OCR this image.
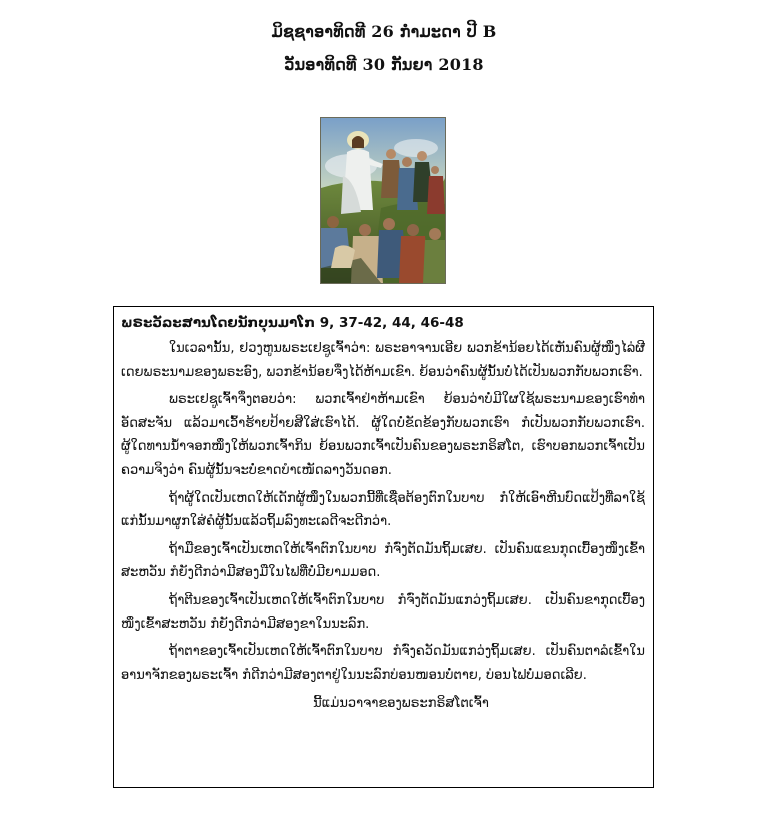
ມິຊຊາອາທິດທີ 26 ກໍາມະດາ ປີ B
ວັນອາທິດທີ 30 ກັນຍາ 2018
ພຣະວັລະສານໂດຍນັກບຸນມາໂກ 9, 37-42, 44, 46-48

ໃນເວລານັ້ນ, ຢວງຫູນພຣະເຢຊູເຈົ້າວ່າ: ພຣະອາຈານເອີຍ ພວກຂ້ານ້ອຍໄດ້ເຫັນຄົນຜູ້ໜຶ່ງໄລ່ຜີເດຍພຣະນາມຂອງພຣະອົງ, ພວກຂ້ານ້ອຍຈຶ່ງໄດ້ຫ້າມເຂົາ. ຍ້ອນວ່າຄົນຜູ້ນັ້ນບໍ່ໄດ້ເປັນພວກກັບພວກເຮົາ.

ພຣະເຢຊູເຈົ້າຈຶ່ງຕອບວ່າ: ພວກເຈົ້າຢ່າຫ້າມເຂົາ ຍ້ອນວ່າບໍ່ມີໃຜໃຊ້ພຣະນາມຂອງເຮົາທໍາອັດສະຈັນ ແລ້ວມາເວົ້າຮ້າຍປ້າຍສີໃສ່ເຮົາໄດ້. ຜູ້ໃດບໍ່ຂັດຂ້ອງກັບພວກເຮົາ ກໍເປັນພວກກັບພວກເຮົາ. ຜູ້ໃດທານນໍ້າຈອກໜຶ່ງໃຫ້ພວກເຈົ້າກິນ ຍ້ອນພວກເຈົ້າເປັນຄົນຂອງພຣະກຣິສໂຕ, ເຮົາບອກພວກເຈົ້າເປັນຄວາມຈິງວ່າ ຄົນຜູ້ນັ້ນຈະບໍ່ຂາດບໍາເໜັດລາງວັນດອກ.

ຖ້າຜູ້ໃດເປັນເຫດໃຫ້ເດັກຜູ້ໜຶ່ງໃນພວກນີ້ທີ່ເຊື່ອຕ້ອງຕົກໃນບາບ ກໍໃຫ້ເອົາຫີນບົດແປ້ງທີ່ລາໃຊ້ແກ່ນັ້ນມາຜູກໃສ່ຄໍຜູ້ນັ້ນແລ້ວຖິ້ມລົງທະເລດີຈະດີກວ່າ.

ຖ້າມືຂອງເຈົ້າເປັນເຫດໃຫ້ເຈົ້າຕົກໃນບາບ ກໍຈົ່ງຕັດມັນຖິ້ມເສຍ. ເປັນຄົນແຂນກຸດເບື້ອງໜຶ່ງເຂົ້າສະຫວັນ ກໍຍັງດີກວ່າມີສອງມືໃນໄຟທີ່ບໍ່ມີຍາມມອດ.

ຖ້າຕີນຂອງເຈົ້າເປັນເຫດໃຫ້ເຈົ້າຕົກໃນບາບ ກໍຈົ່ງຕັດມັນແກວ່ງຖິ້ມເສຍ. ເປັນຄົນຂາກຸດເບື້ອງໜຶ່ງເຂົ້າສະຫວັນ ກໍຍັງດີກວ່າມີສອງຂາໃນນະລົກ.

ຖ້າຕາຂອງເຈົ້າເປັນເຫດໃຫ້ເຈົ້າຕົກໃນບາບ ກໍຈົ່ງຄວັດມັນແກວ່ງຖິ້ມເສຍ. ເປັນຄົນຕາລໍເຂົ້າໃນອານາຈັກຂອງພຣະເຈົ້າ ກໍດີກວ່າມີສອງຕາຢູ່ໃນນະລົກບ່ອນໜອນບໍ່ຕາຍ, ບ່ອນໄຟບໍ່ມອດເລີຍ.

ນີ້ແມ່ນວາຈາຂອງພຣະກຣິສໂຕເຈົ້າ
